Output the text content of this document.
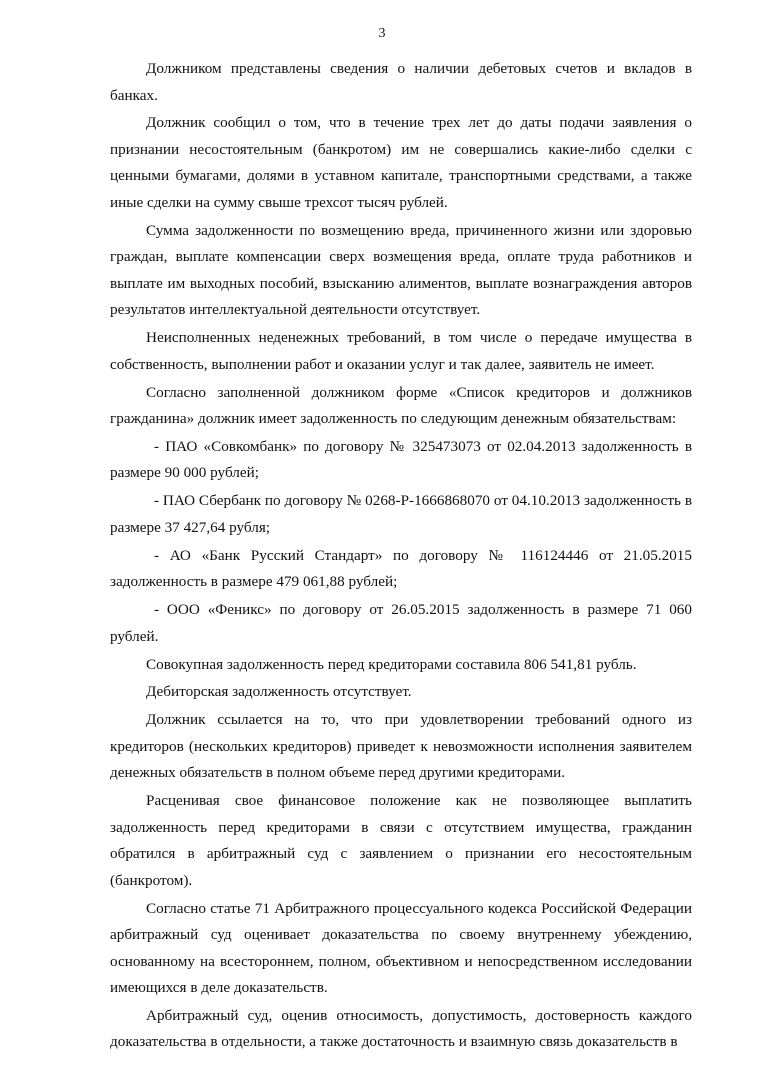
3

Должником представлены сведения о наличии дебетовых счетов и вкладов в банках.

Должник сообщил о том, что в течение трех лет до даты подачи заявления о признании несостоятельным (банкротом) им не совершались какие-либо сделки с ценными бумагами, долями в уставном капитале, транспортными средствами, а также иные сделки на сумму свыше трехсот тысяч рублей.

Сумма задолженности по возмещению вреда, причиненного жизни или здоровью граждан, выплате компенсации сверх возмещения вреда, оплате труда работников и выплате им выходных пособий, взысканию алиментов, выплате вознаграждения авторов результатов интеллектуальной деятельности отсутствует.

Неисполненных неденежных требований, в том числе о передаче имущества в собственность, выполнении работ и оказании услуг и так далее, заявитель не имеет.

Согласно заполненной должником форме «Список кредиторов и должников гражданина» должник имеет задолженность по следующим денежным обязательствам:

- ПАО «Совкомбанк» по договору № 325473073 от 02.04.2013 задолженность в размере 90 000 рублей;

- ПАО Сбербанк по договору № 0268-Р-1666868070 от 04.10.2013 задолженность в размере 37 427,64 рубля;

- АО «Банк Русский Стандарт» по договору № 116124446 от 21.05.2015 задолженность в размере 479 061,88 рублей;

- ООО «Феникс» по договору от 26.05.2015 задолженность в размере 71 060 рублей.

Совокупная задолженность перед кредиторами составила 806 541,81 рубль.

Дебиторская задолженность отсутствует.

Должник ссылается на то, что при удовлетворении требований одного из кредиторов (нескольких кредиторов) приведет к невозможности исполнения заявителем денежных обязательств в полном объеме перед другими кредиторами.

Расценивая свое финансовое положение как не позволяющее выплатить задолженность перед кредиторами в связи с отсутствием имущества, гражданин обратился в арбитражный суд с заявлением о признании его несостоятельным (банкротом).

Согласно статье 71 Арбитражного процессуального кодекса Российской Федерации арбитражный суд оценивает доказательства по своему внутреннему убеждению, основанному на всестороннем, полном, объективном и непосредственном исследовании имеющихся в деле доказательств.

Арбитражный суд, оценив относимость, допустимость, достоверность каждого доказательства в отдельности, а также достаточность и взаимную связь доказательств в
